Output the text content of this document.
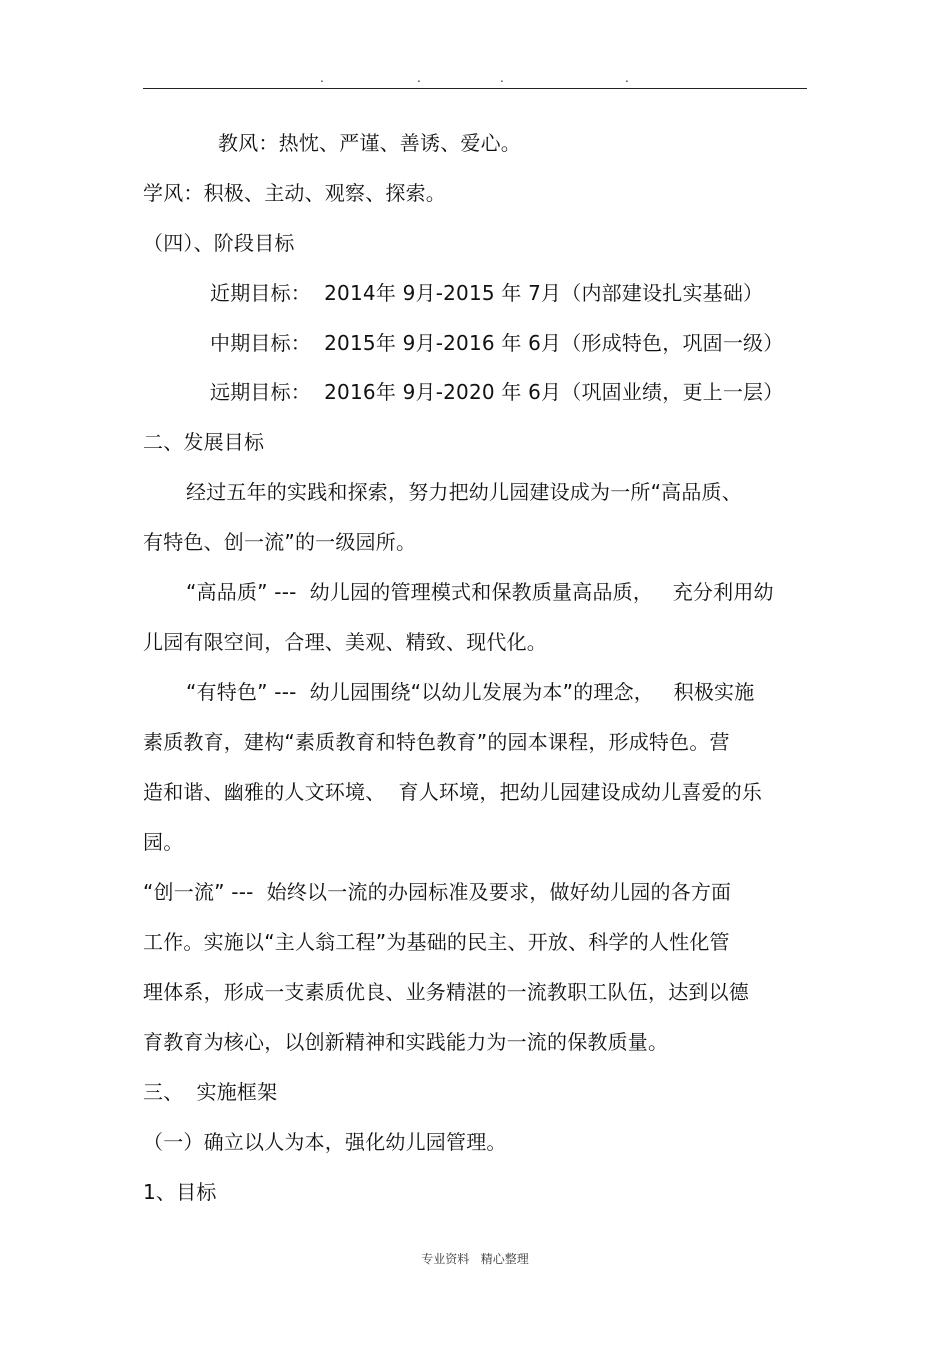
.	.	.	.
教风：热忱、严谨、善诱、爱心。
学风：积极、主动、观察、探索。
（四）、阶段目标
近期目标：  2014年 9月-2015 年 7月（内部建设扎实基础）
中期目标：  2015年 9月-2016 年 6月（形成特色，巩固一级）
远期目标：  2016年 9月-2020 年 6月（巩固业绩，更上一层）
二、发展目标
经过五年的实践和探索，努力把幼儿园建设成为一所“高品质、
有特色、创一流”的一级园所。
“高品质” ---  幼儿园的管理模式和保教质量高品质，   充分利用幼
儿园有限空间，合理、美观、精致、现代化。
“有特色” ---  幼儿园围绕“以幼儿发展为本”的理念，   积极实施
素质教育，建构“素质教育和特色教育”的园本课程，形成特色。营
造和谐、幽雅的人文环境、  育人环境，把幼儿园建设成幼儿喜爱的乐
园。
“创一流” ---  始终以一流的办园标准及要求，做好幼儿园的各方面
工作。实施以“主人翁工程”为基础的民主、开放、科学的人性化管
理体系，形成一支素质优良、业务精湛的一流教职工队伍，达到以德
育教育为核心，以创新精神和实践能力为一流的保教质量。
三、  实施框架
（一）确立以人为本，强化幼儿园管理。
1、目标
专业资料   精心整理
